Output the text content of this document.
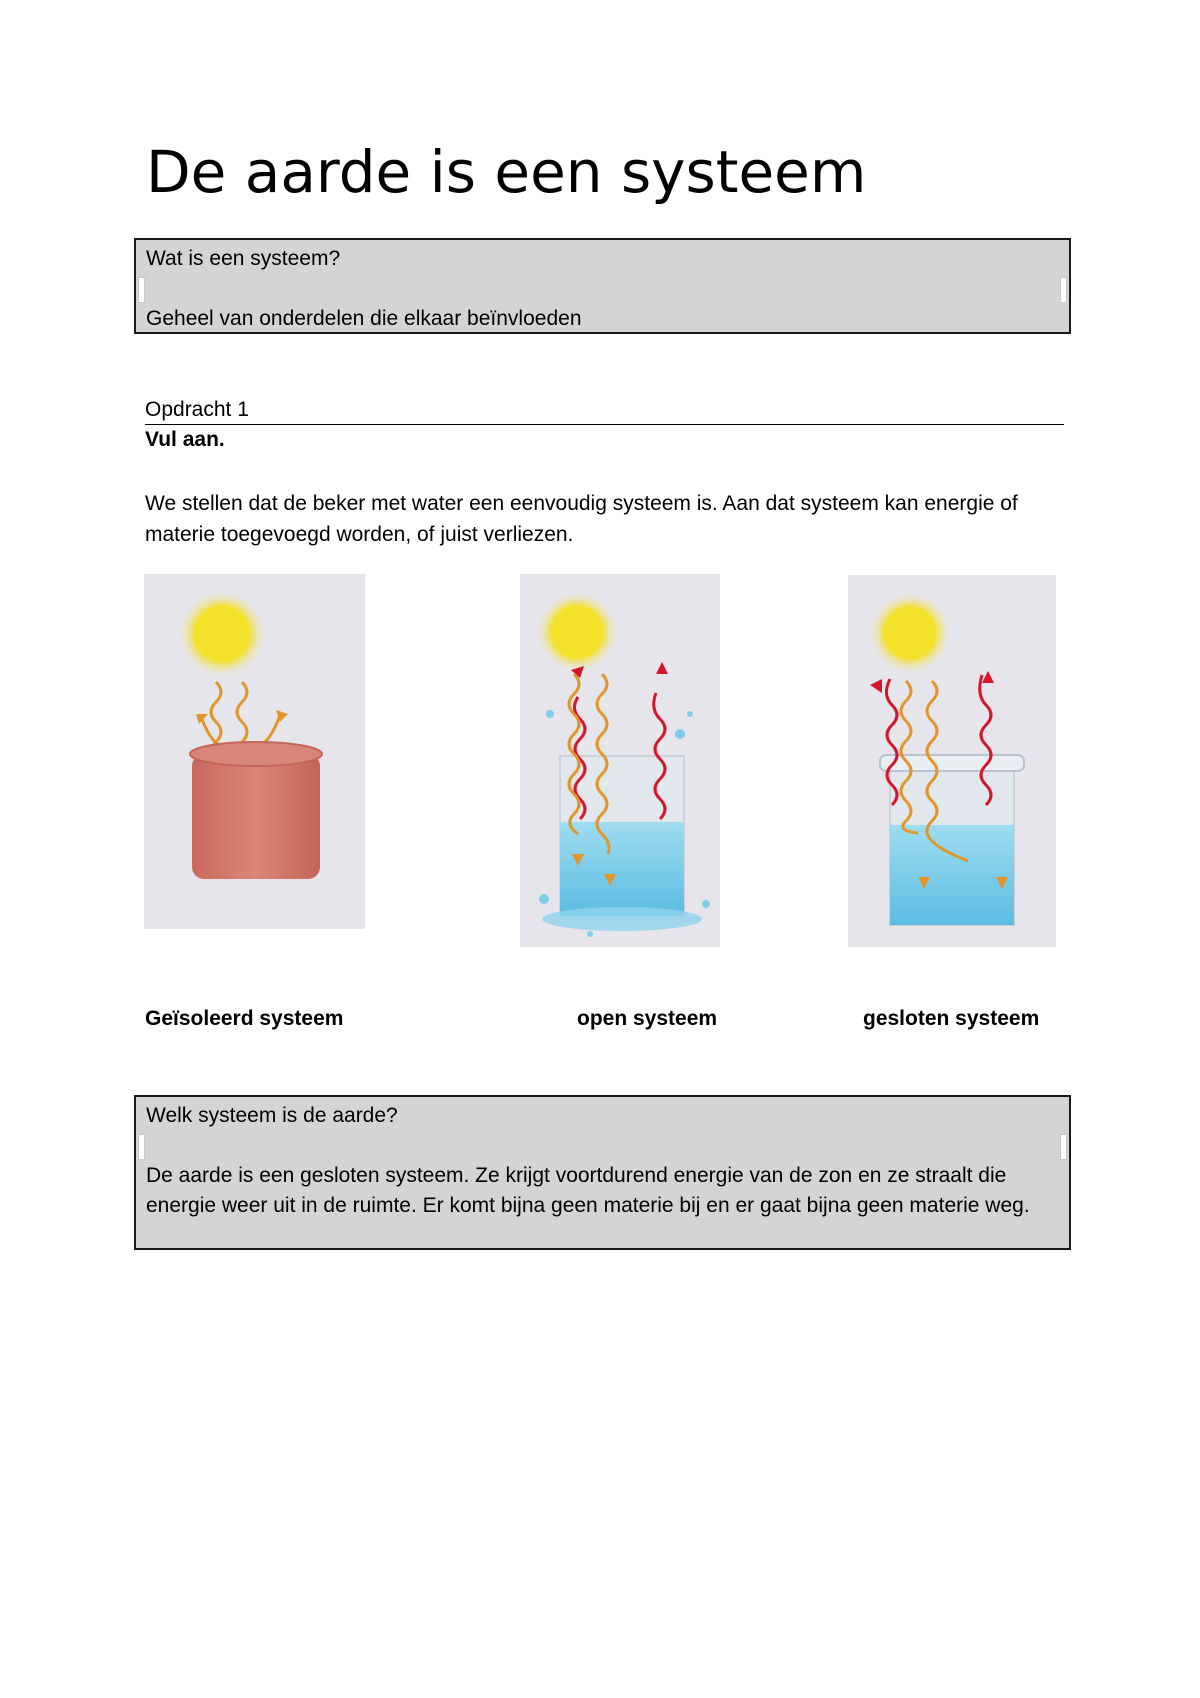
De aarde is een systeem
Wat is een systeem?
Geheel van onderdelen die elkaar beïnvloeden
Opdracht 1
Vul aan.
We stellen dat de beker met water een eenvoudig systeem is. Aan dat systeem kan energie of materie toegevoegd worden, of juist verliezen.
Geïsoleerd systeem	open systeem	gesloten systeem
Welk systeem is de aarde?
De aarde is een gesloten systeem. Ze krijgt voortdurend energie van de zon en ze straalt die energie weer uit in de ruimte. Er komt bijna geen materie bij en er gaat bijna geen materie weg.
